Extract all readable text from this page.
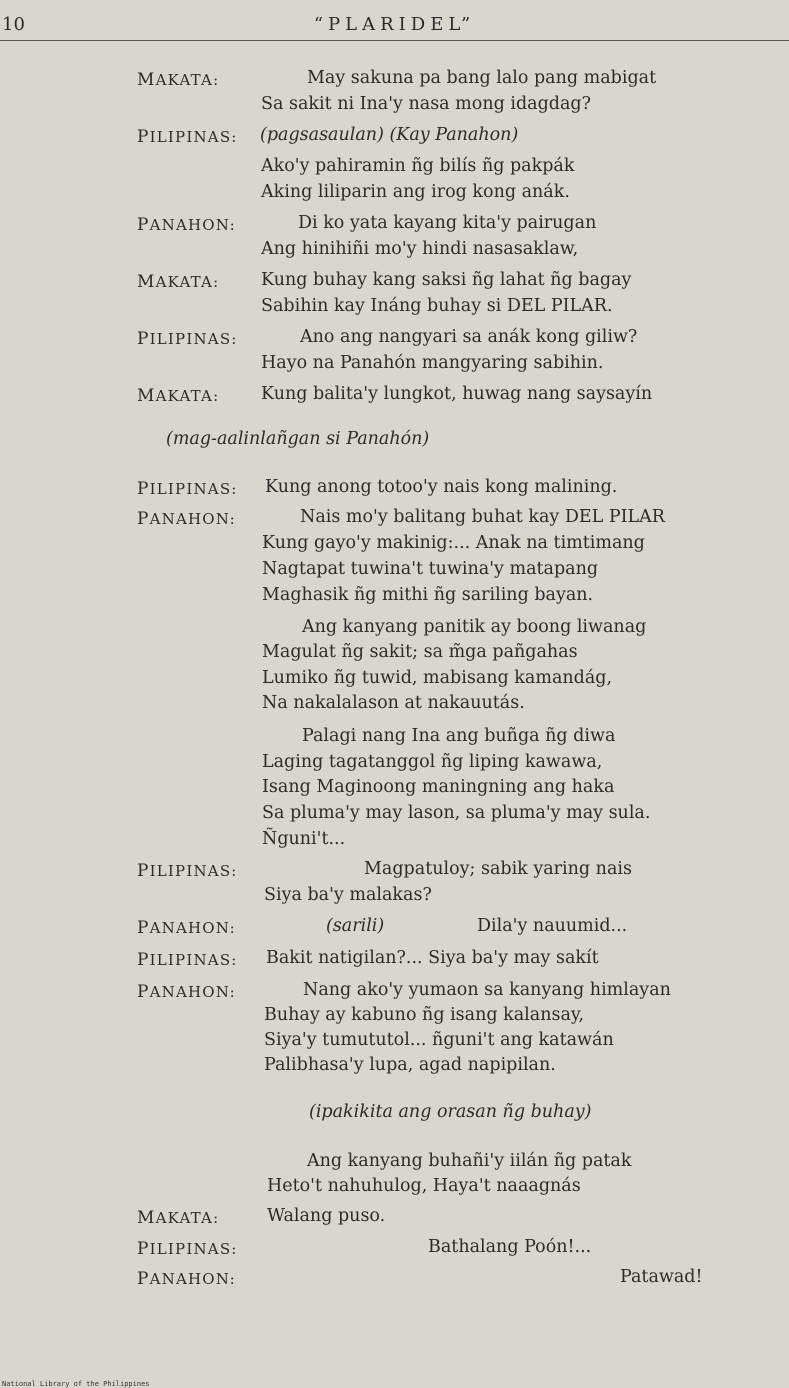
10	“PLARIDEL”
MAKATA:	May sakuna pa bang lalo pang mabigat
Sa sakit ni Ina'y nasa mong idagdag?
PILIPINAS: (pagsasaulan) (Kay Panahon)
Ako'y pahiramin ñg bilís ñg pakpák
Aking liliparin ang irog kong anák.
PANAHON:	Di ko yata kayang kita'y pairugan
Ang hinihiñi mo'y hindi nasasaklaw,
MAKATA: Kung buhay kang saksi ñg lahat ñg bagay
Sabihin kay Ináng buhay si DEL PILAR.
PILIPINAS:	Ano ang nangyari sa anák kong giliw?
Hayo na Panahón mangyaring sabihin.
MAKATA: Kung balita'y lungkot, huwag nang saysayín
(mag-aalinlañgan si Panahón)
PILIPINAS: Kung anong totoo'y nais kong malining.
PANAHON:	Nais mo'y balitang buhat kay DEL PILAR
Kung gayo'y makinig:... Anak na timtimang
Nagtapat tuwina't tuwina'y matapang
Maghasik ñg mithi ñg sariling bayan.
Ang kanyang panitik ay boong liwanag
Magulat ñg sakit; sa m̃ga pañgahas
Lumiko ñg tuwid, mabisang kamandág,
Na nakalalason at nakauutás.
Palagi nang Ina ang buñga ñg diwa
Laging tagatanggol ñg liping kawawa,
Isang Maginoong maningning ang haka
Sa pluma'y may lason, sa pluma'y may sula.
Ñguni't...
PILIPINAS:	Magpatuloy; sabik yaring nais
Siya ba'y malakas?
PANAHON:	(sarili)	Dila'y nauumid...
PILIPINAS: Bakit natigilan?... Siya ba'y may sakít
PANAHON:	Nang ako'y yumaon sa kanyang himlayan
Buhay ay kabuno ñg isang kalansay,
Siya'y tumututol... ñguni't ang katawán
Palibhasa'y lupa, agad napipilan.
(ipakikita ang orasan ñg buhay)
Ang kanyang buhañi'y iilán ñg patak
Heto't nahuhulog, Haya't naaagnás
MAKATA:	Walang puso.
PILIPINAS:	Bathalang Poón!...
PANAHON:	Patawad!
National Library of the Philippines
